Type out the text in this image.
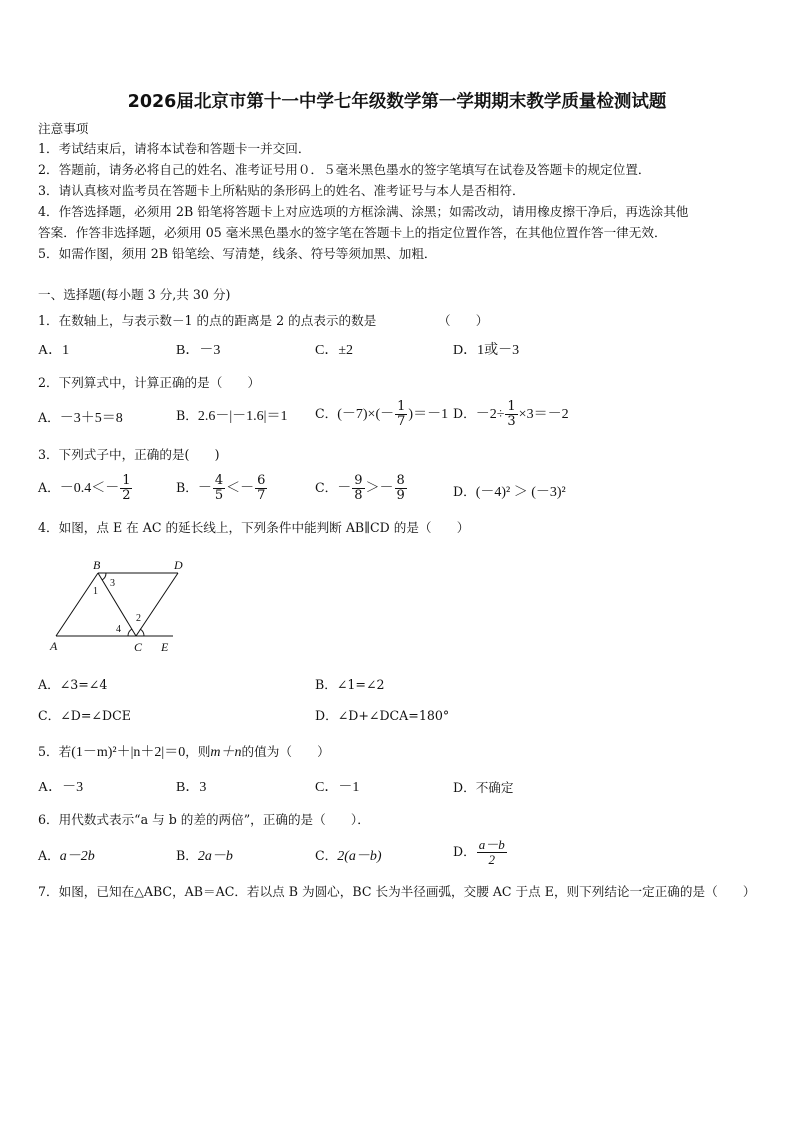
2026届北京市第十一中学七年级数学第一学期期末教学质量检测试题
注意事项
1．考试结束后，请将本试卷和答题卡一并交回．
2．答题前，请务必将自己的姓名、准考证号用０．５毫米黑色墨水的签字笔填写在试卷及答题卡的规定位置．
3．请认真核对监考员在答题卡上所粘贴的条形码上的姓名、准考证号与本人是否相符．
4．作答选择题，必须用 2B 铅笔将答题卡上对应选项的方框涂满、涂黑；如需改动，请用橡皮擦干净后，再选涂其他
答案．作答非选择题，必须用 05 毫米黑色墨水的签字笔在答题卡上的指定位置作答，在其他位置作答一律无效．
5．如需作图，须用 2B 铅笔绘、写清楚，线条、符号等须加黑、加粗．
一、选择题(每小题 3 分,共 30 分)
1．在数轴上，与表示数－1 的点的距离是 2 的点表示的数是	（　　）
A．1	B．－3	C．±2	D．1或－3
2．下列算式中，计算正确的是（　　）
A．－3＋5＝8	B．2.6－|－1.6|＝1 C．$(-7)\times(- \frac{1}{7} )=-1$ D．$-2\div \frac{1}{3} \times 3=-2$
3．下列式子中，正确的是(　　)
A．$-0.4<- \frac{1}{2}$	B．－ $\frac{4}{5} <- \frac{6}{7}$	C．－ $\frac{9}{8} >- \frac{8}{9}$	D．(－4)² ＞ (－3)²
4．如图，点 E 在 AC 的延长线上，下列条件中能判断 AB∥CD 的是（　　）
B	D
A	C E
1
2
3
4
A．∠3=∠4	B．∠1=∠2
C．∠D=∠DCE	D．∠D+∠DCA=180°
5．若(1－m)²＋|n＋2|＝0，则m＋n的值为（　　）
A．－3	B．3	C．－1	D．不确定
6．用代数式表示“a 与 b 的差的两倍”，正确的是（　　）．
A．a－2b	B．2a－b	C．2(a－b)	D． $\frac{a-b}{2}$
7．如图，已知在△ABC，AB＝AC．若以点 B 为圆心，BC 长为半径画弧，交腰 AC 于点 E，则下列结论一定正确的是（　　）
